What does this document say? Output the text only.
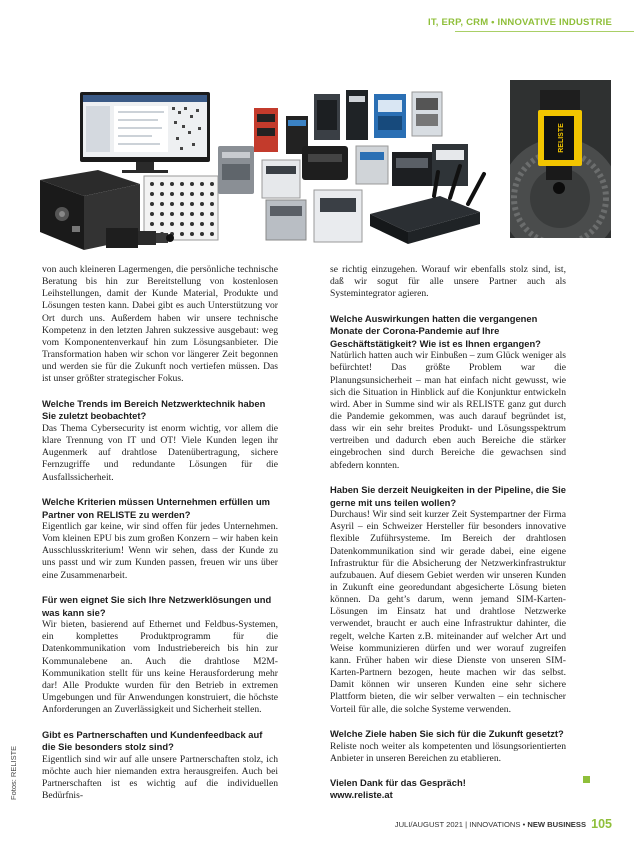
IT, ERP, CRM • INNOVATIVE INDUSTRIE
RELISTE

von auch kleineren Lagermengen, die persönliche technische Beratung bis hin zur Bereitstellung von kostenlosen Leihstellungen, damit der Kunde Material, Produkte und Lösungen testen kann. Dabei gibt es auch Unterstützung vor Ort durch uns. Außerdem haben wir unsere technische Kompetenz in den letzten Jahren sukzessive ausgebaut: weg vom Komponentenverkauf hin zum Lösungsanbieter. Die Transformation haben wir schon vor längerer Zeit begonnen und werden sie für die Zukunft noch vertiefen müssen. Das ist unser größter strategischer Fokus.

Welche Trends im Bereich Netzwerktechnik haben Sie zuletzt beobachtet?

Das Thema Cybersecurity ist enorm wichtig, vor allem die klare Trennung von IT und OT! Viele Kunden legen ihr Augenmerk auf drahtlose Datenübertragung, sichere Fernzugriffe und redundante Lösungen für die Ausfallssicherheit.

Welche Kriterien müssen Unternehmen erfüllen um Partner von RELISTE zu werden?

Eigentlich gar keine, wir sind offen für jedes Unternehmen. Vom kleinen EPU bis zum großen Konzern – wir haben kein Ausschlusskriterium! Wenn wir sehen, dass der Kunde zu uns passt und wir zum Kunden passen, freuen wir uns über eine Zusammenarbeit.

Für wen eignet Sie sich Ihre Netzwerklösungen und was kann sie?

Wir bieten, basierend auf Ethernet und Feldbus-Systemen, ein komplettes Produktprogramm für die Datenkommunikation vom Industriebereich bis hin zur Kommunalebene an. Auch die drahtlose M2M-Kommunikation stellt für uns keine Herausforderung mehr dar! Alle Produkte wurden für den Betrieb in extremen Umgebungen und für Anwendungen konstruiert, die höchste Anforderungen an Zuverlässigkeit und Sicherheit stellen.

Gibt es Partnerschaften und Kundenfeedback auf die Sie besonders stolz sind?

Eigentlich sind wir auf alle unsere Partnerschaften stolz, ich möchte auch hier niemanden extra herausgreifen. Auch bei Partnerschaften ist es wichtig auf die individuellen Bedürfnis-

se richtig einzugehen. Worauf wir ebenfalls stolz sind, ist, daß wir sogut für alle unsere Partner auch als Systemintegrator agieren.

Welche Auswirkungen hatten die vergangenen Monate der Corona-Pandemie auf Ihre Geschäftstätigkeit? Wie ist es Ihnen ergangen?

Natürlich hatten auch wir Einbußen – zum Glück weniger als befürchtet! Das größte Problem war die Planungsunsicherheit – man hat einfach nicht gewusst, wie sich die Situation in Hinblick auf die Konjunktur entwickeln wird. Aber in Summe sind wir als RELISTE ganz gut durch die Pandemie gekommen, was auch darauf begründet ist, dass wir ein sehr breites Produkt- und Lösungsspektrum vertreiben und dadurch eben auch Bereiche die stärker eingebrochen sind durch Bereiche die gewachsen sind abfedern konnten.

Haben Sie derzeit Neuigkeiten in der Pipeline, die Sie gerne mit uns teilen wollen?

Durchaus! Wir sind seit kurzer Zeit Systempartner der Firma Asyril – ein Schweizer Hersteller für besonders innovative flexible Zuführsysteme. Im Bereich der drahtlosen Datenkommunikation sind wir gerade dabei, eine eigene Infrastruktur für die Absicherung der Netzwerkinfrastruktur aufzubauen. Auf diesem Gebiet werden wir unseren Kunden in Zukunft eine georedundant abgesicherte Lösung bieten können. Da geht’s darum, wenn jemand SIM-Karten-Lösungen im Einsatz hat und drahtlose Netzwerke verwendet, braucht er auch eine Infrastruktur dahinter, die regelt, welche Karten z.B. miteinander auf welcher Art und Weise kommunizieren dürfen und wer worauf zugreifen kann. Früher haben wir diese Dienste von unseren SIM-Karten-Partnern bezogen, heute machen wir das selbst. Damit können wir unseren Kunden eine sehr sichere Plattform bieten, die wir selber verwalten – ein technischer Vorteil für alle, die solche Systeme verwenden.

Welche Ziele haben Sie sich für die Zukunft gesetzt?

Reliste noch weiter als kompetenten und lösungsorientierten Anbieter in unseren Bereichen zu etablieren.

Vielen Dank für das Gespräch!

www.reliste.at

Fotos: RELISTE
JULI/AUGUST 2021 | INNOVATIONS • NEW BUSINESS 105
